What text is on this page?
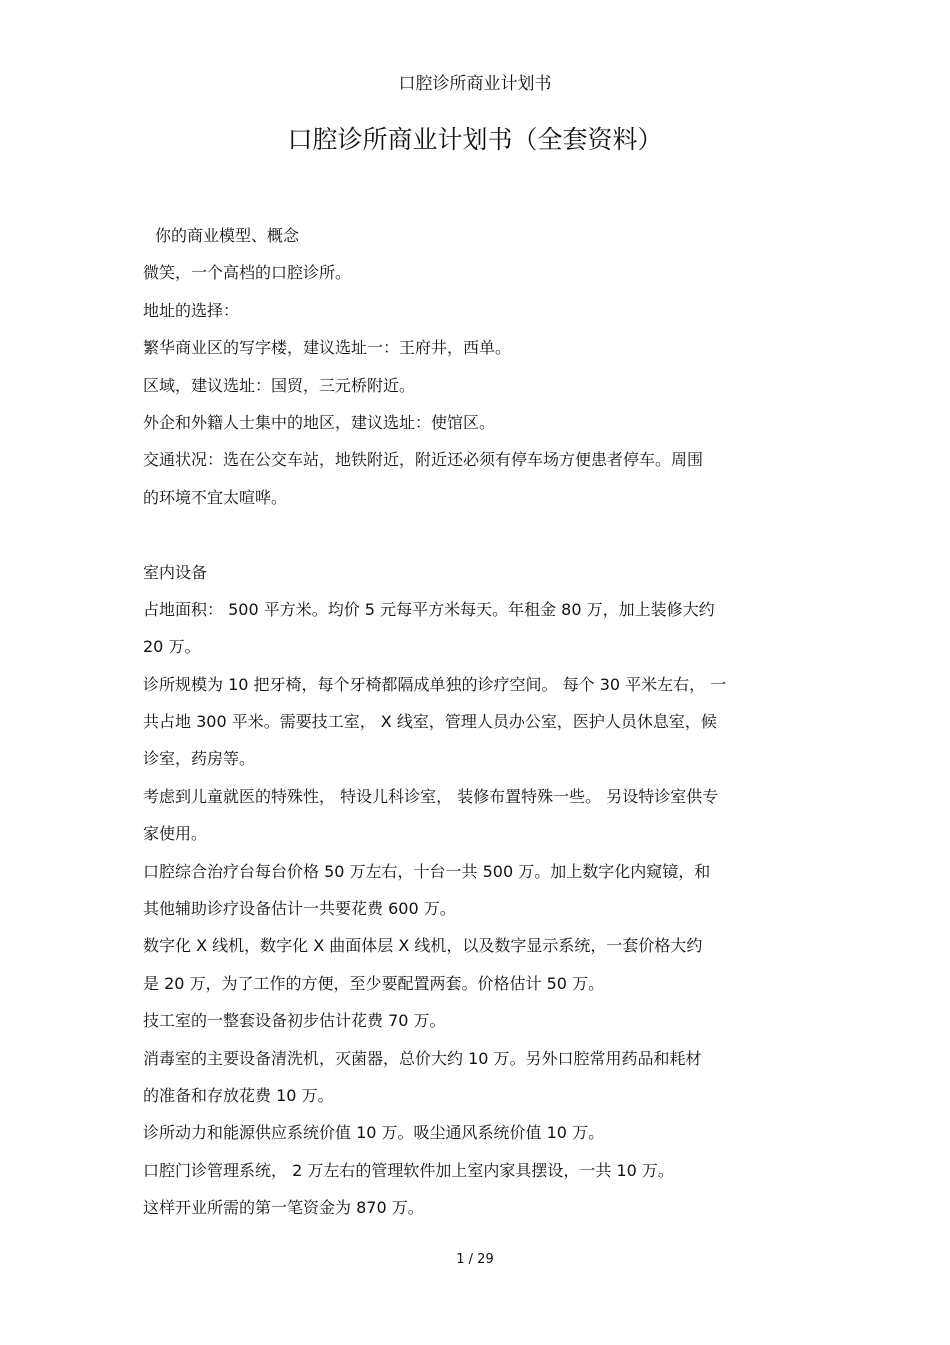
口腔诊所商业计划书
口腔诊所商业计划书（全套资料）
你的商业模型、概念
微笑，一个高档的口腔诊所。
地址的选择：
繁华商业区的写字楼，建议选址一：王府井，西单。
区域，建议选址：国贸，三元桥附近。
外企和外籍人士集中的地区，建议选址：使馆区。
交通状况：选在公交车站，地铁附近，附近还必须有停车场方便患者停车。周围
的环境不宜太喧哗。
室内设备
占地面积： 500 平方米。均价 5 元每平方米每天。年租金 80 万，加上装修大约
20 万。
诊所规模为 10 把牙椅，每个牙椅都隔成单独的诊疗空间。 每个 30 平米左右， 一
共占地 300 平米。需要技工室， X 线室，管理人员办公室，医护人员休息室，候
诊室，药房等。
考虑到儿童就医的特殊性， 特设儿科诊室， 装修布置特殊一些。 另设特诊室供专
家使用。
口腔综合治疗台每台价格 50 万左右，十台一共 500 万。加上数字化内窥镜，和
其他辅助诊疗设备估计一共要花费 600 万。
数字化 X 线机，数字化 X 曲面体层 X 线机，以及数字显示系统，一套价格大约
是 20 万，为了工作的方便，至少要配置两套。价格估计 50 万。
技工室的一整套设备初步估计花费 70 万。
消毒室的主要设备清洗机，灭菌器，总价大约 10 万。另外口腔常用药品和耗材
的准备和存放花费 10 万。
诊所动力和能源供应系统价值 10 万。吸尘通风系统价值 10 万。
口腔门诊管理系统， 2 万左右的管理软件加上室内家具摆设，一共 10 万。
这样开业所需的第一笔资金为 870 万。
1 / 29
